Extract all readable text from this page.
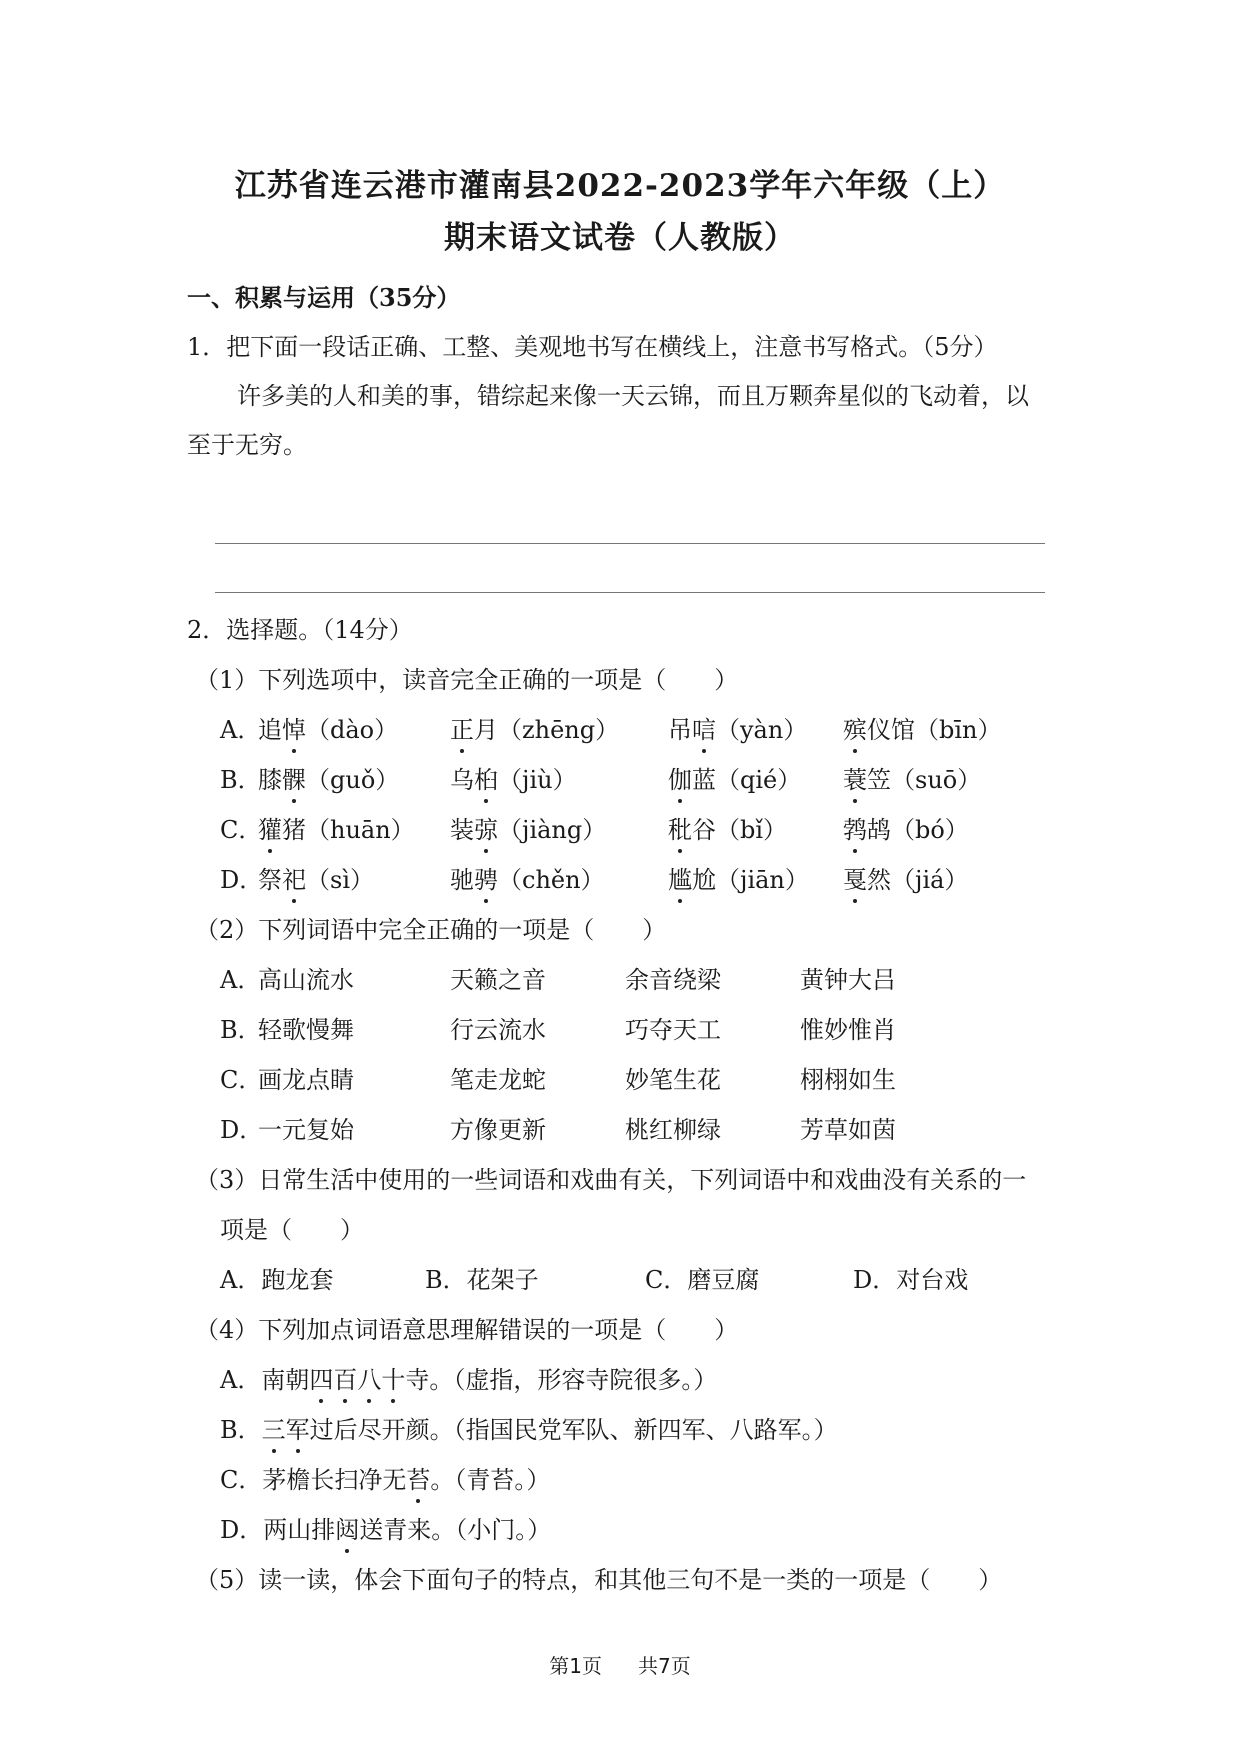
江苏省连云港市灌南县2022-2023学年六年级（上）
期末语文试卷（人教版）
一、积累与运用（35分）
1．把下面一段话正确、工整、美观地书写在横线上，注意书写格式。（5分）
许多美的人和美的事，错综起来像一天云锦，而且万颗奔星似的飞动着，以
至于无穷。
2．选择题。（14分）
（1）下列选项中，读音完全正确的一项是（　　）
A．
追悼（dào） 正月（zhēng） 吊唁（yàn） 殡仪馆（bīn）
B．
膝髁（guǒ） 乌桕（jiù）	伽蓝（qié） 蓑笠（suō）
C．
獾猪（huān） 装弶（jiàng）	秕谷（bǐ） 鹁鸪（bó）
D．
祭祀（sì）	驰骋（chěn）	尴尬（jiān） 戛然（jiá）
（2）下列词语中完全正确的一项是（　　）
A．
高山流水	天籁之音	余音绕梁	黄钟大吕
B．
轻歌慢舞	行云流水	巧夺天工	惟妙惟肖
C．
画龙点睛	笔走龙蛇	妙笔生花	栩栩如生
D．
一元复始	方像更新	桃红柳绿	芳草如茵
（3）日常生活中使用的一些词语和戏曲有关，下列词语中和戏曲没有关系的一
项是（　　）
A．跑龙套	B．花架子	C．磨豆腐	D．对台戏
（4）下列加点词语意思理解错误的一项是（　　）
A．南朝四百八十寺。（虚指，形容寺院很多。）
B．三军过后尽开颜。（指国民党军队、新四军、八路军。）
C．茅檐长扫净无苔。（青苔。）
D．两山排闼送青来。（小门。）
（5）读一读，体会下面句子的特点，和其他三句不是一类的一项是（　　）
第1页 共7页
